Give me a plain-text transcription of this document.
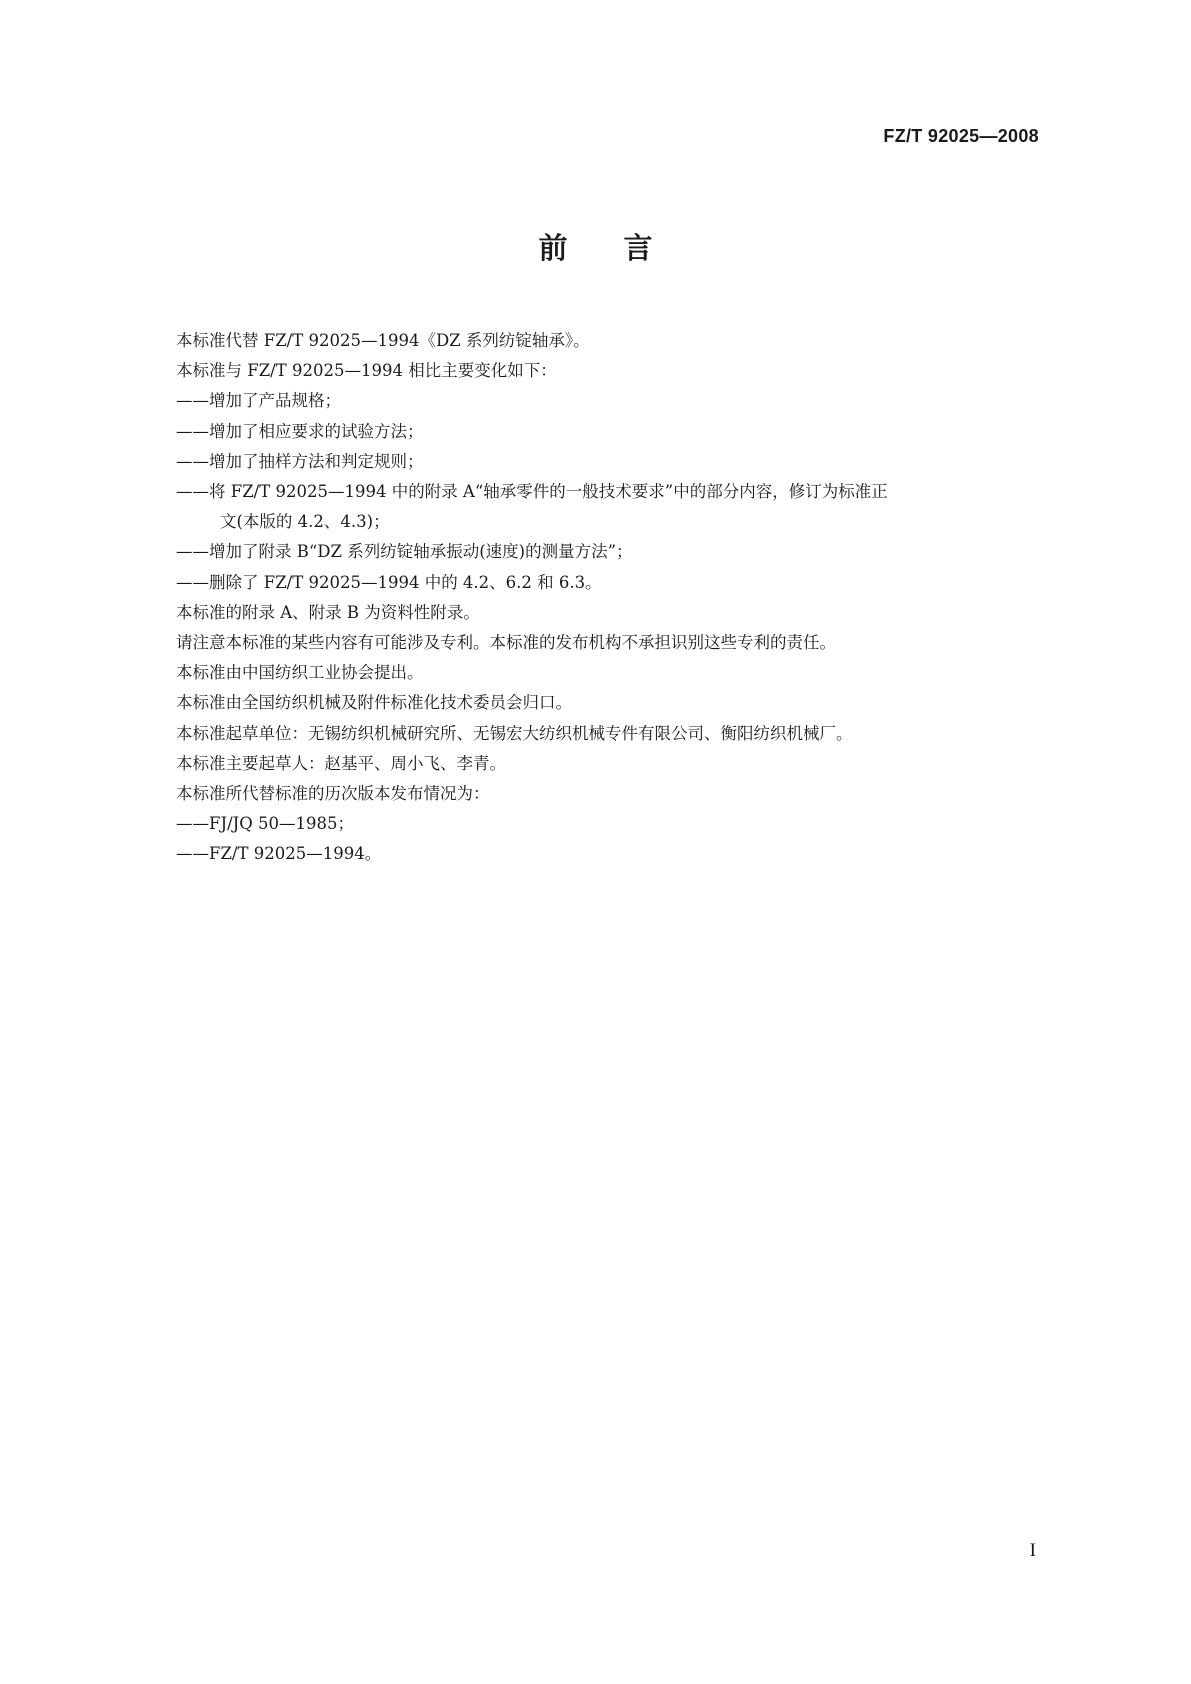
FZ/T 92025—2008
前言
本标准代替 FZ/T 92025—1994《DZ 系列纺锭轴承》。
本标准与 FZ/T 92025—1994 相比主要变化如下：
——增加了产品规格；
——增加了相应要求的试验方法；
——增加了抽样方法和判定规则；
——将 FZ/T 92025—1994 中的附录 A“轴承零件的一般技术要求”中的部分内容，修订为标准正
文(本版的 4.2、4.3)；
——增加了附录 B“DZ 系列纺锭轴承振动(速度)的测量方法”；
——删除了 FZ/T 92025—1994 中的 4.2、6.2 和 6.3。
本标准的附录 A、附录 B 为资料性附录。
请注意本标准的某些内容有可能涉及专利。本标准的发布机构不承担识别这些专利的责任。
本标准由中国纺织工业协会提出。
本标准由全国纺织机械及附件标准化技术委员会归口。
本标准起草单位：无锡纺织机械研究所、无锡宏大纺织机械专件有限公司、衡阳纺织机械厂。
本标准主要起草人：赵基平、周小飞、李青。
本标准所代替标准的历次版本发布情况为：
——FJ/JQ 50—1985；
——FZ/T 92025—1994。
I
